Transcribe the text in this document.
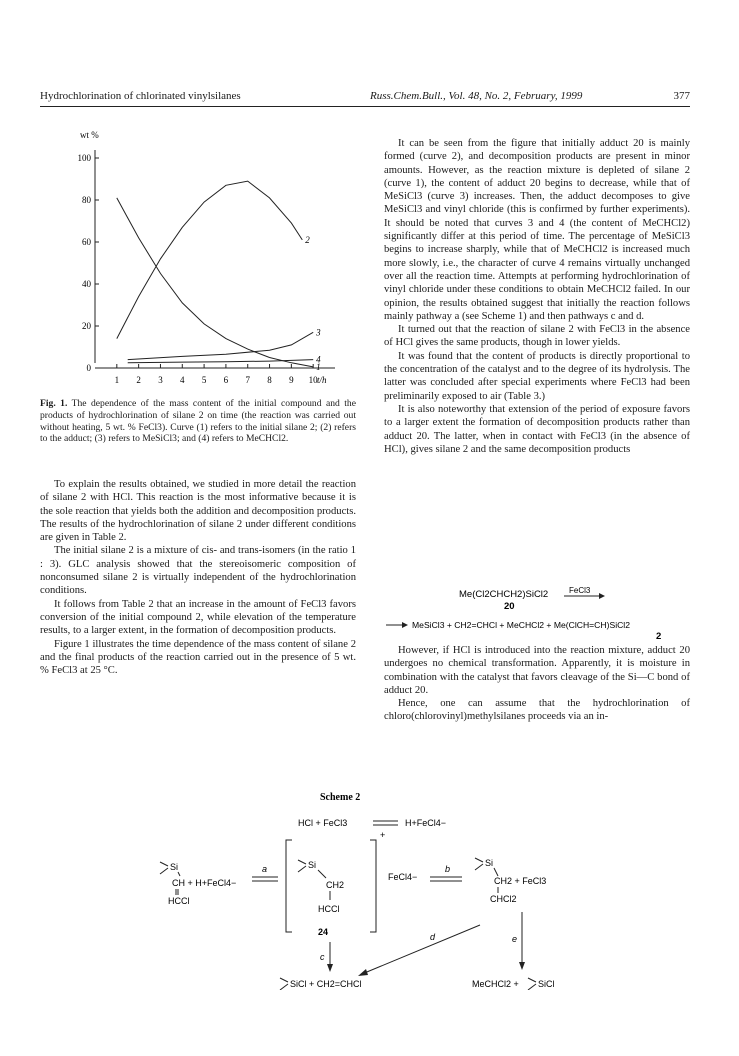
Hydrochlorination of chlorinated vinylsilanes	Russ.Chem.Bull., Vol. 48, No. 2, February, 1999	377
wt %
0
20
40
60
80
100
1 2 3 4 5 6 7 8 9 10
1
2
3
4
t/h
Fig. 1. The dependence of the mass content of the initial compound and the products of hydrochlorination of silane 2 on time (the reaction was carried out without heating, 5 wt. % FeCl3). Curve (1) refers to the initial silane 2; (2) refers to the adduct; (3) refers to MeSiCl3; and (4) refers to MeCHCl2.

To explain the results obtained, we studied in more detail the reaction of silane 2 with HCl. This reaction is the most informative because it is the sole reaction that yields both the addition and decomposition products. The results of the hydrochlorination of silane 2 under different conditions are given in Table 2.

The initial silane 2 is a mixture of cis- and trans-isomers (in the ratio 1 : 3). GLC analysis showed that the stereoisomeric composition of nonconsumed silane 2 is virtually independent of the hydrochlorination conditions.

It follows from Table 2 that an increase in the amount of FeCl3 favors conversion of the initial compound 2, while elevation of the temperature results, to a larger extent, in the formation of decomposition products.

Figure 1 illustrates the time dependence of the mass content of silane 2 and the final products of the reaction carried out in the presence of 5 wt. % FeCl3 at 25 °C.

It can be seen from the figure that initially adduct 20 is mainly formed (curve 2), and decomposition products are present in minor amounts. However, as the reaction mixture is depleted of silane 2 (curve 1), the content of adduct 20 begins to decrease, while that of MeSiCl3 (curve 3) increases. Then, the adduct decomposes to give MeSiCl3 and vinyl chloride (this is confirmed by further experiments). It should be noted that curves 3 and 4 (the content of MeCHCl2) significantly differ at this period of time. The percentage of MeSiCl3 begins to increase sharply, while that of MeCHCl2 is increased much more slowly, i.e., the character of curve 4 remains virtually unchanged over all the reaction time. Attempts at performing hydrochlorination of vinyl chloride under these conditions to obtain MeCHCl2 failed. In our opinion, the results obtained suggest that initially the reaction follows mainly pathway a (see Scheme 1) and then pathways c and d.

It turned out that the reaction of silane 2 with FeCl3 in the absence of HCl gives the same products, though in lower yields.

It was found that the content of products is directly proportional to the concentration of the catalyst and to the degree of its hydrolysis. The latter was concluded after special experiments where FeCl3 had been preliminarily exposed to air (Table 3.)

It is also noteworthy that extension of the period of exposure favors to a larger extent the formation of decomposition products rather than adduct 20. The latter, when in contact with FeCl3 (in the absence of HCl), gives silane 2 and the same decomposition products

Me(Cl2CHCH2)SiCl2	FeCl3
20
MeSiCl3 + CH2=CHCl + MeCHCl2 + Me(ClCH=CH)SiCl2
2

However, if HCl is introduced into the reaction mixture, adduct 20 undergoes no chemical transformation. Apparently, it is moisture in combination with the catalyst that favors cleavage of the Si—C bond of adduct 20.

Hence, one can assume that the hydrochlorination of chloro(chlorovinyl)methylsilanes proceeds via an in-

Scheme 2
HCl + FeCl3	H+FeCl4−
Si
CH + H+FeCl4−
HCCl
a
+
Si
CH2
HCCl
24
FeCl4−
b
Si
CH2 + FeCl3
CHCl2
c
d	e
SiCl + CH2=CHCl	MeCHCl2 + SiCl
